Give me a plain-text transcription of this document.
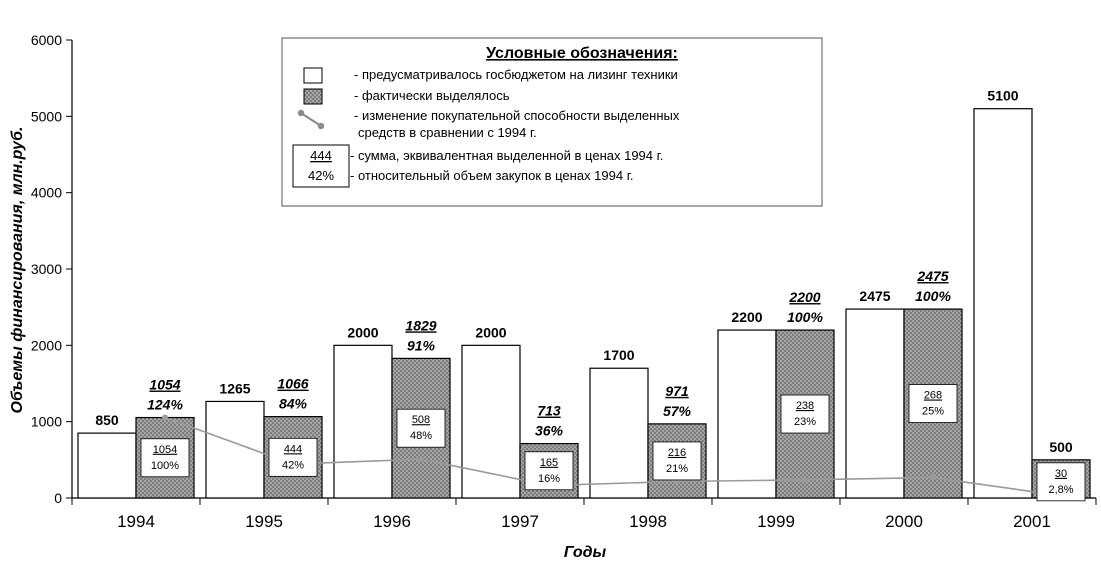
0
1000
2000
3000
4000
5000
6000
1994	1995	1996	1997	1998	1999	2000	2001
850
1054
124%
1265 1066
84%
2000 1829
91%
2000
713
36%
1700
971
57%
2200
2200
100%
2475
2475
100%
5100
500
1054
100%
444
42%
508
48%
165
16%
216
21%
238
23%
268
25%
30
2,8%
Объемы финансирования, млн.руб.
Годы
Условные обозначения:
- предусматривалось госбюджетом на лизинг техники
- фактически выделялось
- изменение покупательной способности выделенных
средств в сравнении с 1994 г.
444
42%
- сумма, эквивалентная выделенной в ценах 1994 г.
- относительный объем закупок в ценах 1994 г.
